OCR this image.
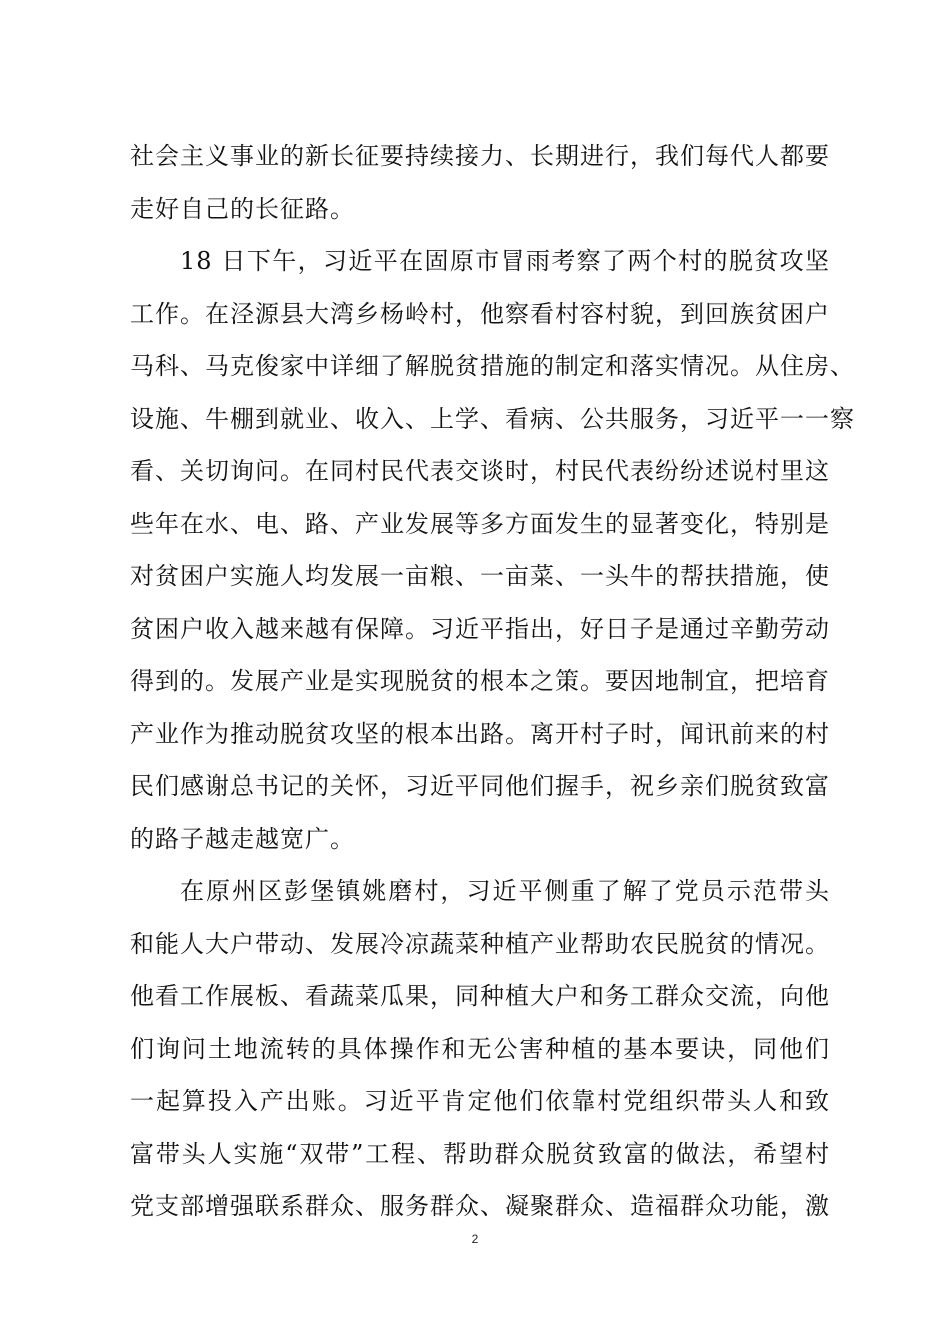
社会主义事业的新长征要持续接力、长期进行，我们每代人都要
走好自己的长征路。
18 日下午，习近平在固原市冒雨考察了两个村的脱贫攻坚
工作。在泾源县大湾乡杨岭村，他察看村容村貌，到回族贫困户
马科、马克俊家中详细了解脱贫措施的制定和落实情况。从住房、
设施、牛棚到就业、收入、上学、看病、公共服务，习近平一一察
看、关切询问。在同村民代表交谈时，村民代表纷纷述说村里这
些年在水、电、路、产业发展等多方面发生的显著变化，特别是
对贫困户实施人均发展一亩粮、一亩菜、一头牛的帮扶措施，使
贫困户收入越来越有保障。习近平指出，好日子是通过辛勤劳动
得到的。发展产业是实现脱贫的根本之策。要因地制宜，把培育
产业作为推动脱贫攻坚的根本出路。离开村子时，闻讯前来的村
民们感谢总书记的关怀，习近平同他们握手，祝乡亲们脱贫致富
的路子越走越宽广。
在原州区彭堡镇姚磨村，习近平侧重了解了党员示范带头
和能人大户带动、发展冷凉蔬菜种植产业帮助农民脱贫的情况。
他看工作展板、看蔬菜瓜果，同种植大户和务工群众交流，向他
们询问土地流转的具体操作和无公害种植的基本要诀，同他们
一起算投入产出账。习近平肯定他们依靠村党组织带头人和致
富带头人实施“双带”工程、帮助群众脱贫致富的做法，希望村
党支部增强联系群众、服务群众、凝聚群众、造福群众功能，激
2
